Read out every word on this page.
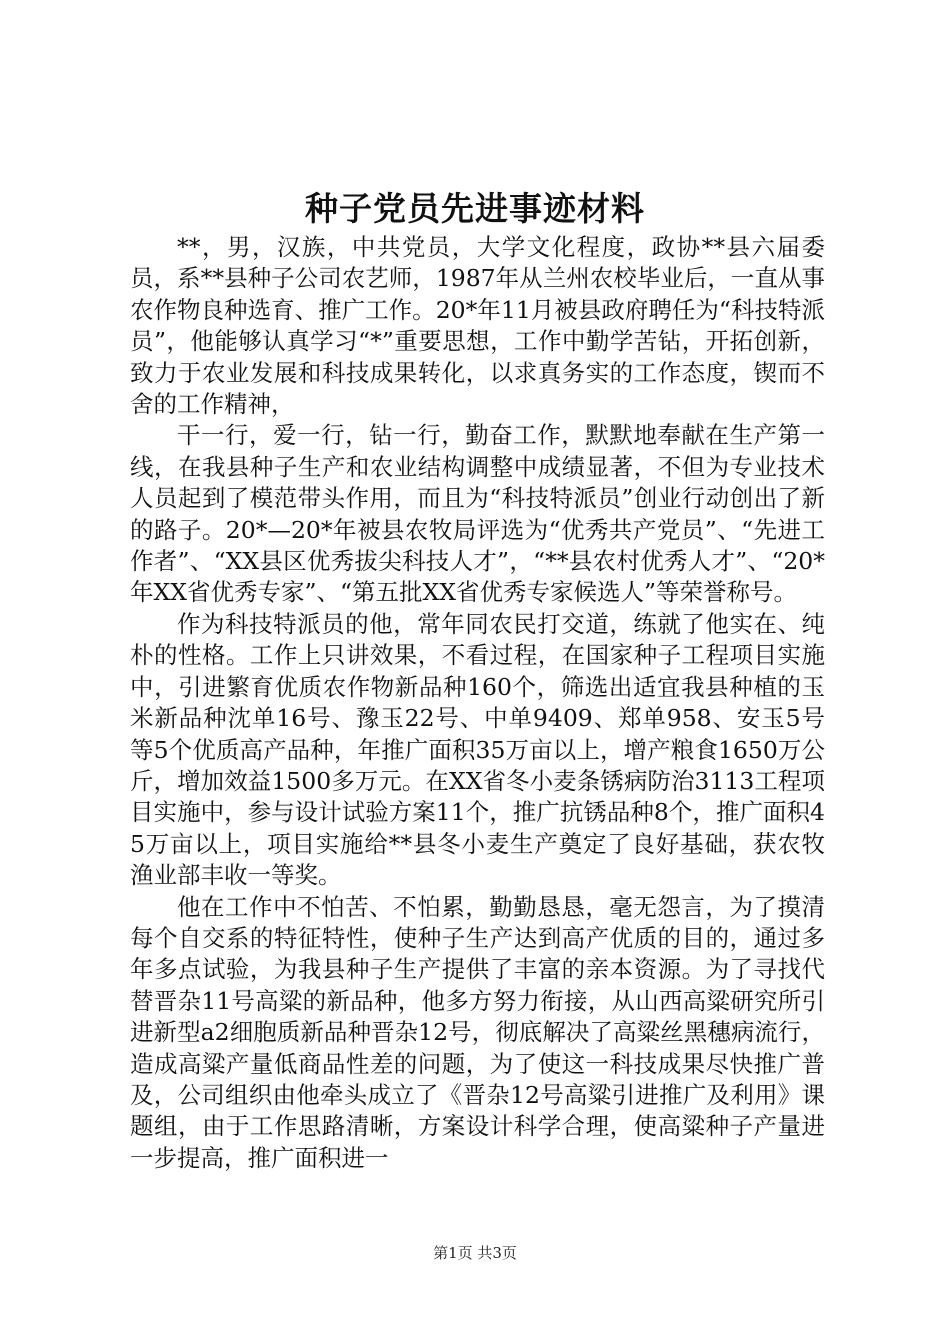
种子党员先进事迹材料

**，男，汉族，中共党员，大学文化程度，政协**县六届委员，系**县种子公司农艺师，1987年从兰州农校毕业后，一直从事农作物良种选育、推广工作。20*年11月被县政府聘任为“科技特派员”，他能够认真学习“*”重要思想，工作中勤学苦钻，开拓创新，致力于农业发展和科技成果转化，以求真务实的工作态度，锲而不舍的工作精神，

干一行，爱一行，钻一行，勤奋工作，默默地奉献在生产第一线，在我县种子生产和农业结构调整中成绩显著，不但为专业技术人员起到了模范带头作用，而且为“科技特派员”创业行动创出了新的路子。20*—20*年被县农牧局评选为“优秀共产党员”、“先进工作者”、“XX县区优秀拔尖科技人才”，“**县农村优秀人才”、“20*年XX省优秀专家”、“第五批XX省优秀专家候选人”等荣誉称号。

作为科技特派员的他，常年同农民打交道，练就了他实在、纯朴的性格。工作上只讲效果，不看过程，在国家种子工程项目实施中，引进繁育优质农作物新品种160个，筛选出适宜我县种植的玉米新品种沈单16号、豫玉22号、中单9409、郑单958、安玉5号等5个优质高产品种，年推广面积35万亩以上，增产粮食1650万公斤，增加效益1500多万元。在XX省冬小麦条锈病防治3113工程项目实施中，参与设计试验方案11个，推广抗锈品种8个，推广面积45万亩以上，项目实施给**县冬小麦生产奠定了良好基础，获农牧渔业部丰收一等奖。

他在工作中不怕苦、不怕累，勤勤恳恳，毫无怨言，为了摸清每个自交系的特征特性，使种子生产达到高产优质的目的，通过多年多点试验，为我县种子生产提供了丰富的亲本资源。为了寻找代替晋杂11号高粱的新品种，他多方努力衔接，从山西高粱研究所引进新型a2细胞质新品种晋杂12号，彻底解决了高粱丝黑穗病流行，造成高粱产量低商品性差的问题，为了使这一科技成果尽快推广普及，公司组织由他牵头成立了《晋杂12号高粱引进推广及利用》课题组，由于工作思路清晰，方案设计科学合理，使高粱种子产量进一步提高，推广面积进一

第1页 共3页
